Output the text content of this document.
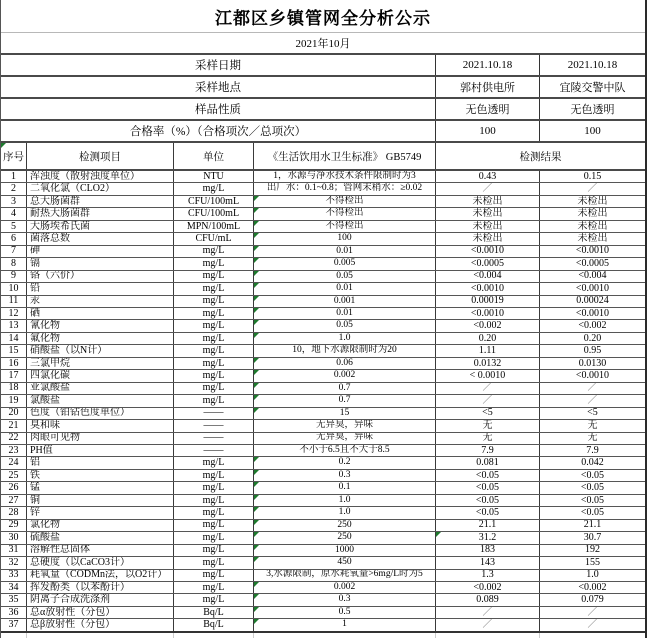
江都区乡镇管网全分析公示
2021年10月
采样日期	2021.10.18	2021.10.18
采样地点	郭村供电所	宜陵交警中队
样品性质	无色透明	无色透明
合格率（%）（合格项次／总项次）	100	100
序号	检测项目	单位	《生活饮用水卫生标准》 GB5749	检测结果
1 浑浊度（散射浊度单位）	NTU	1，水源与净水技术条件限制时为3	0.43	0.15
2 二氧化氯（CLO2）	mg/L	出厂水：0.1~0.8；管网末稍水：≥0.02	／	／
3 总大肠菌群	CFU/100mL	不得检出	未检出	未检出
4 耐热大肠菌群	CFU/100mL	不得检出	未检出	未检出
5 大肠埃希氏菌	MPN/100mL	不得检出	未检出	未检出
6 菌落总数	CFU/mL	100	未检出	未检出
7 砷	mg/L	0.01	<0.0010	<0.0010
8 镉	mg/L	0.005	<0.0005	<0.0005
9 铬（六价）	mg/L	0.05	<0.004	<0.004
10 铅	mg/L	0.01	<0.0010	<0.0010
11 汞	mg/L	0.001	0.00019	0.00024
12 硒	mg/L	0.01	<0.0010	<0.0010
13 氰化物	mg/L	0.05	<0.002	<0.002
14 氟化物	mg/L	1.0	0.20	0.20
15 硝酸盐（以N计）	mg/L	10，地下水源限制时为20	1.11	0.95
16 三氯甲烷	mg/L	0.06	0.0132	0.0130
17 四氯化碳	mg/L	0.002	< 0.0010	<0.0010
18 亚氯酸盐	mg/L	0.7	／	／
19 氯酸盐	mg/L	0.7	／	／
20 色度（铂钴色度单位）	——	15	<5	<5
21 臭和味	——	无异臭，异味	无	无
22 肉眼可见物	——	无异臭，异味	无	无
23 PH值	——	不小于6.5且不大于8.5	7.9	7.9
24 铝	mg/L	0.2	0.081	0.042
25 铁	mg/L	0.3	<0.05	<0.05
26 锰	mg/L	0.1	<0.05	<0.05
27 铜	mg/L	1.0	<0.05	<0.05
28 锌	mg/L	1.0	<0.05	<0.05
29 氯化物	mg/L	250	21.1	21.1
30 硫酸盐	mg/L	250	31.2	30.7
31 溶解性总固体	mg/L	1000	183	192
32 总硬度（以CaCO3计）	mg/L	450	143	155
33 耗氧量（CODMn法，以O2计）	mg/L	3,水源限制，原水耗氧量>6mg/L时为5	1.3	1.0
34 挥发酚类（以苯酚计）	mg/L	0.002	<0.002	<0.002
35 阴离子合成洗涤剂	mg/L	0.3	0.089	0.079
36 总α放射性（分包）	Bq/L	0.5	／	／
37 总β放射性（分包）	Bq/L	1	／	／
